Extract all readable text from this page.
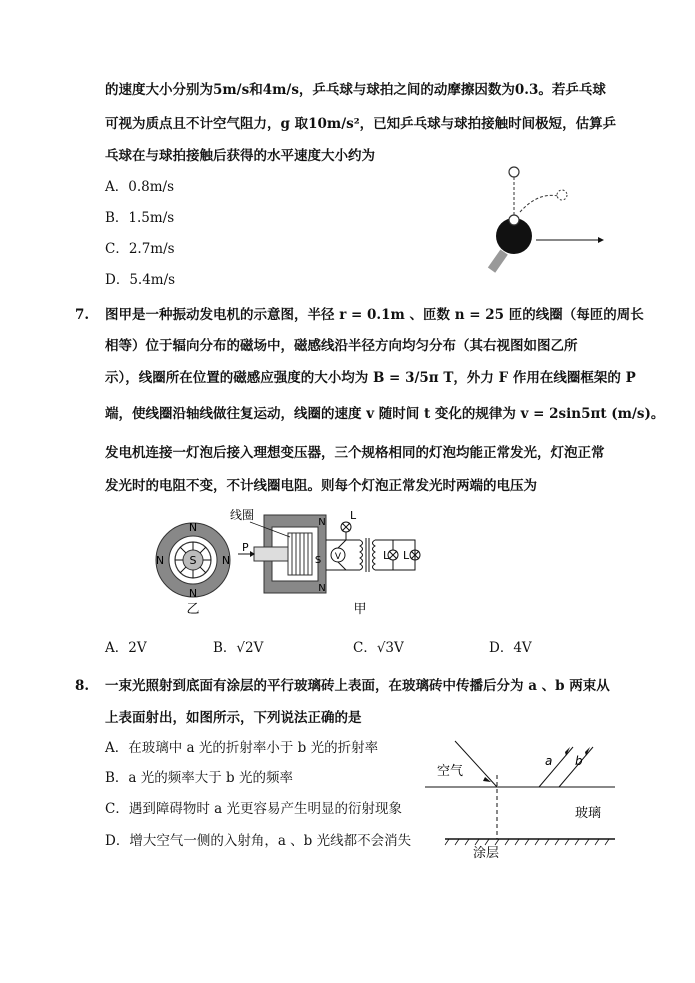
的速度大小分别为5m/s和4m/s，乒乓球与球拍之间的动摩擦因数为0.3。若乒乓球
可视为质点且不计空气阻力，g 取10m/s²，已知乒乓球与球拍接触时间极短，估算乒
乓球在与球拍接触后获得的水平速度大小约为
A．0.8m/s
B．1.5m/s
C．2.7m/s
D．5.4m/s
7. 图甲是一种振动发电机的示意图，半径 r = 0.1m 、匝数 n = 25 匝的线圈（每匝的周长
相等）位于辐向分布的磁场中，磁感线沿半径方向均匀分布（其右视图如图乙所
示），线圈所在位置的磁感应强度的大小均为 B = 3/5π T，外力 F 作用在线圈框架的 P
端，使线圈沿轴线做往复运动，线圈的速度 v 随时间 t 变化的规律为 v = 2sin5πt (m/s)。
发电机连接一灯泡后接入理想变压器，三个规格相同的灯泡均能正常发光，灯泡正常
发光时的电阻不变，不计线圈电阻。则每个灯泡正常发光时两端的电压为
S
N
N
N	N
乙
N
N
S
P
线圈
V
L
L L
甲
A．2V	B．√2V	C．√3V	D．4V
8. 一束光照射到底面有涂层的平行玻璃砖上表面，在玻璃砖中传播后分为 a 、b 两束从
上表面射出，如图所示，下列说法正确的是
A．在玻璃中 a 光的折射率小于 b 光的折射率
B．a 光的频率大于 b 光的频率
C．遇到障碍物时 a 光更容易产生明显的衍射现象
D．增大空气一侧的入射角，a 、b 光线都不会消失
a b
空气
玻璃
涂层
